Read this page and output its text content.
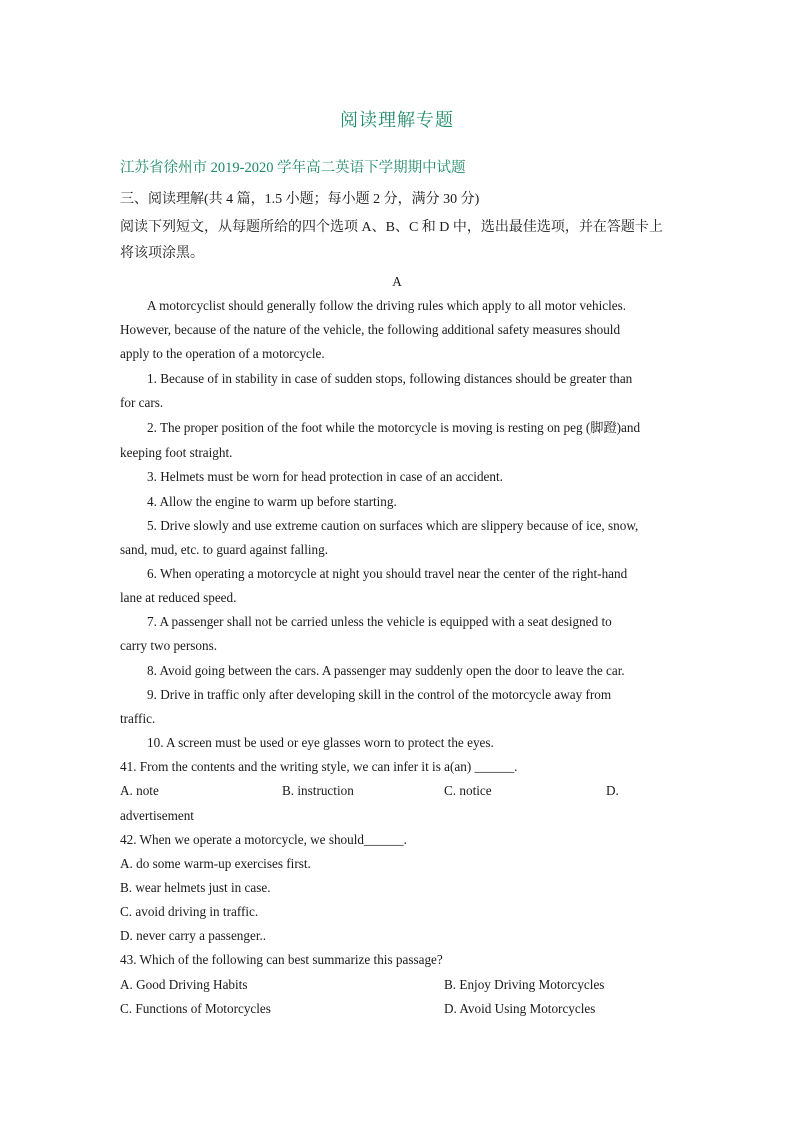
阅读理解专题
江苏省徐州市 2019-2020 学年高二英语下学期期中试题
三、阅读理解(共 4 篇，1.5 小题；每小题 2 分，满分 30 分)
阅读下列短文，从每题所给的四个选项 A、B、C 和 D 中，选出最佳选项，并在答题卡上
将该项涂黑。
A
A motorcyclist should generally follow the driving rules which apply to all motor vehicles.
However, because of the nature of the vehicle, the following additional safety measures should
apply to the operation of a motorcycle.
1. Because of in stability in case of sudden stops, following distances should be greater than
for cars.
2. The proper position of the foot while the motorcycle is moving is resting on peg (脚蹬)and
keeping foot straight.
3. Helmets must be worn for head protection in case of an accident.
4. Allow the engine to warm up before starting.
5. Drive slowly and use extreme caution on surfaces which are slippery because of ice, snow,
sand, mud, etc. to guard against falling.
6. When operating a motorcycle at night you should travel near the center of the right-hand
lane at reduced speed.
7. A passenger shall not be carried unless the vehicle is equipped with a seat designed to
carry two persons.
8. Avoid going between the cars. A passenger may suddenly open the door to leave the car.
9. Drive in traffic only after developing skill in the control of the motorcycle away from
traffic.
10. A screen must be used or eye glasses worn to protect the eyes.
41. From the contents and the writing style, we can infer it is a(an) ______.
A. note	B. instruction	C. notice	D.
advertisement
42. When we operate a motorcycle, we should______.
A. do some warm-up exercises first.
B. wear helmets just in case.
C. avoid driving in traffic.
D. never carry a passenger..
43. Which of the following can best summarize this passage?
A. Good Driving Habits	B. Enjoy Driving Motorcycles
C. Functions of Motorcycles	D. Avoid Using Motorcycles
